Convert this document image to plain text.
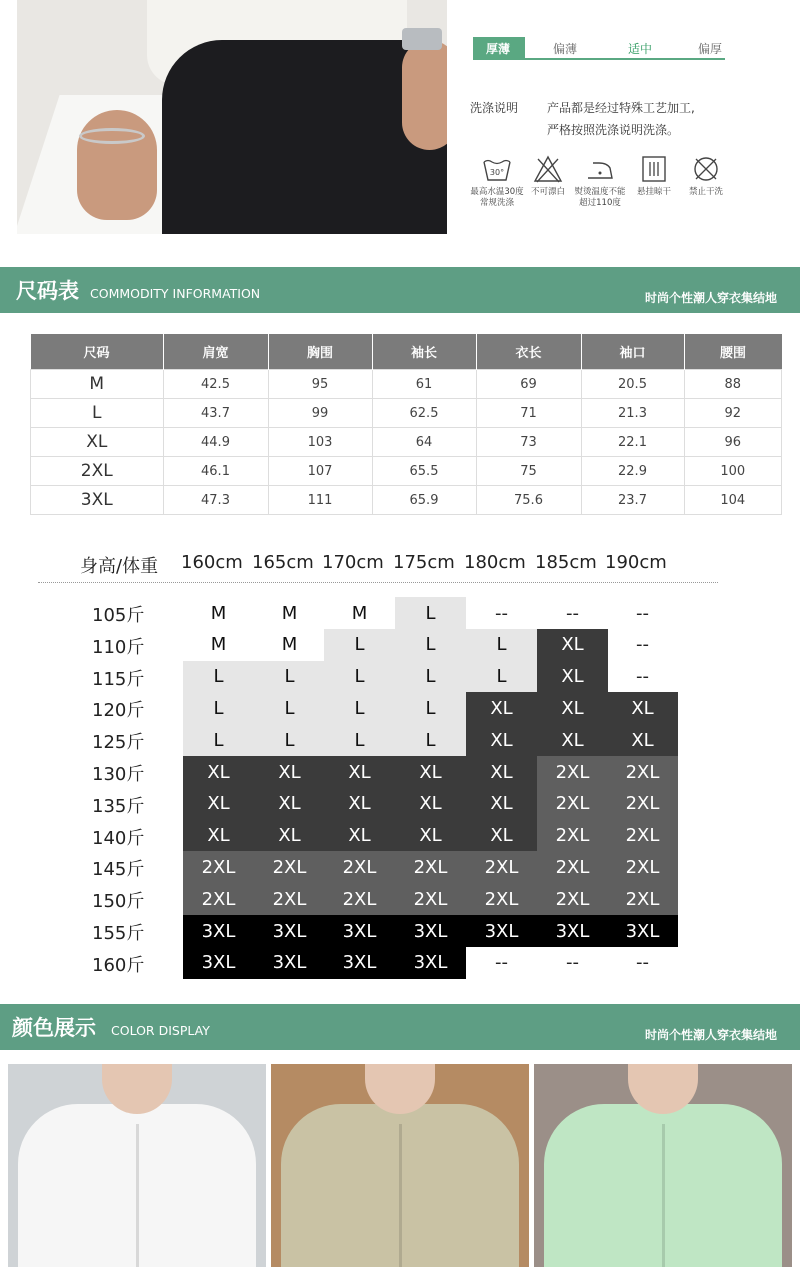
厚薄	偏薄	适中	偏厚
洗涤说明 产品都是经过特殊工艺加工,
严格按照洗涤说明洗涤。
30°
最高水温30度
常规洗涤
不可漂白	熨烫温度不能
超过110度
悬挂晾干	禁止干洗
尺码表 COMMODITY INFORMATION	时尚个性潮人穿衣集结地
尺码	肩宽	胸围	袖长	衣长	袖口	腰围
M	42.5	95	61	69	20.5	88
L	43.7	99	62.5	71	21.3	92
XL	44.9	103	64	73	22.1	96
2XL	46.1	107	65.5	75	22.9	100
3XL	47.3	111	65.9	75.6	23.7	104
身高/体重 160cm 165cm 170cm 175cm 180cm 185cm 190cm
105斤	M	M	M	L	--	--	--
110斤	M	M	L	L	L	XL	--
115斤	L	L	L	L	L	XL	--
120斤	L	L	L	L	XL	XL	XL
125斤	L	L	L	L	XL	XL	XL
130斤	XL	XL	XL	XL	XL	2XL	2XL
135斤	XL	XL	XL	XL	XL	2XL	2XL
140斤	XL	XL	XL	XL	XL	2XL	2XL
145斤	2XL	2XL	2XL	2XL	2XL	2XL	2XL
150斤	2XL	2XL	2XL	2XL	2XL	2XL	2XL
155斤	3XL	3XL	3XL	3XL	3XL	3XL	3XL
160斤	3XL	3XL	3XL	3XL	--	--	--
颜色展示 COLOR DISPLAY	时尚个性潮人穿衣集结地
